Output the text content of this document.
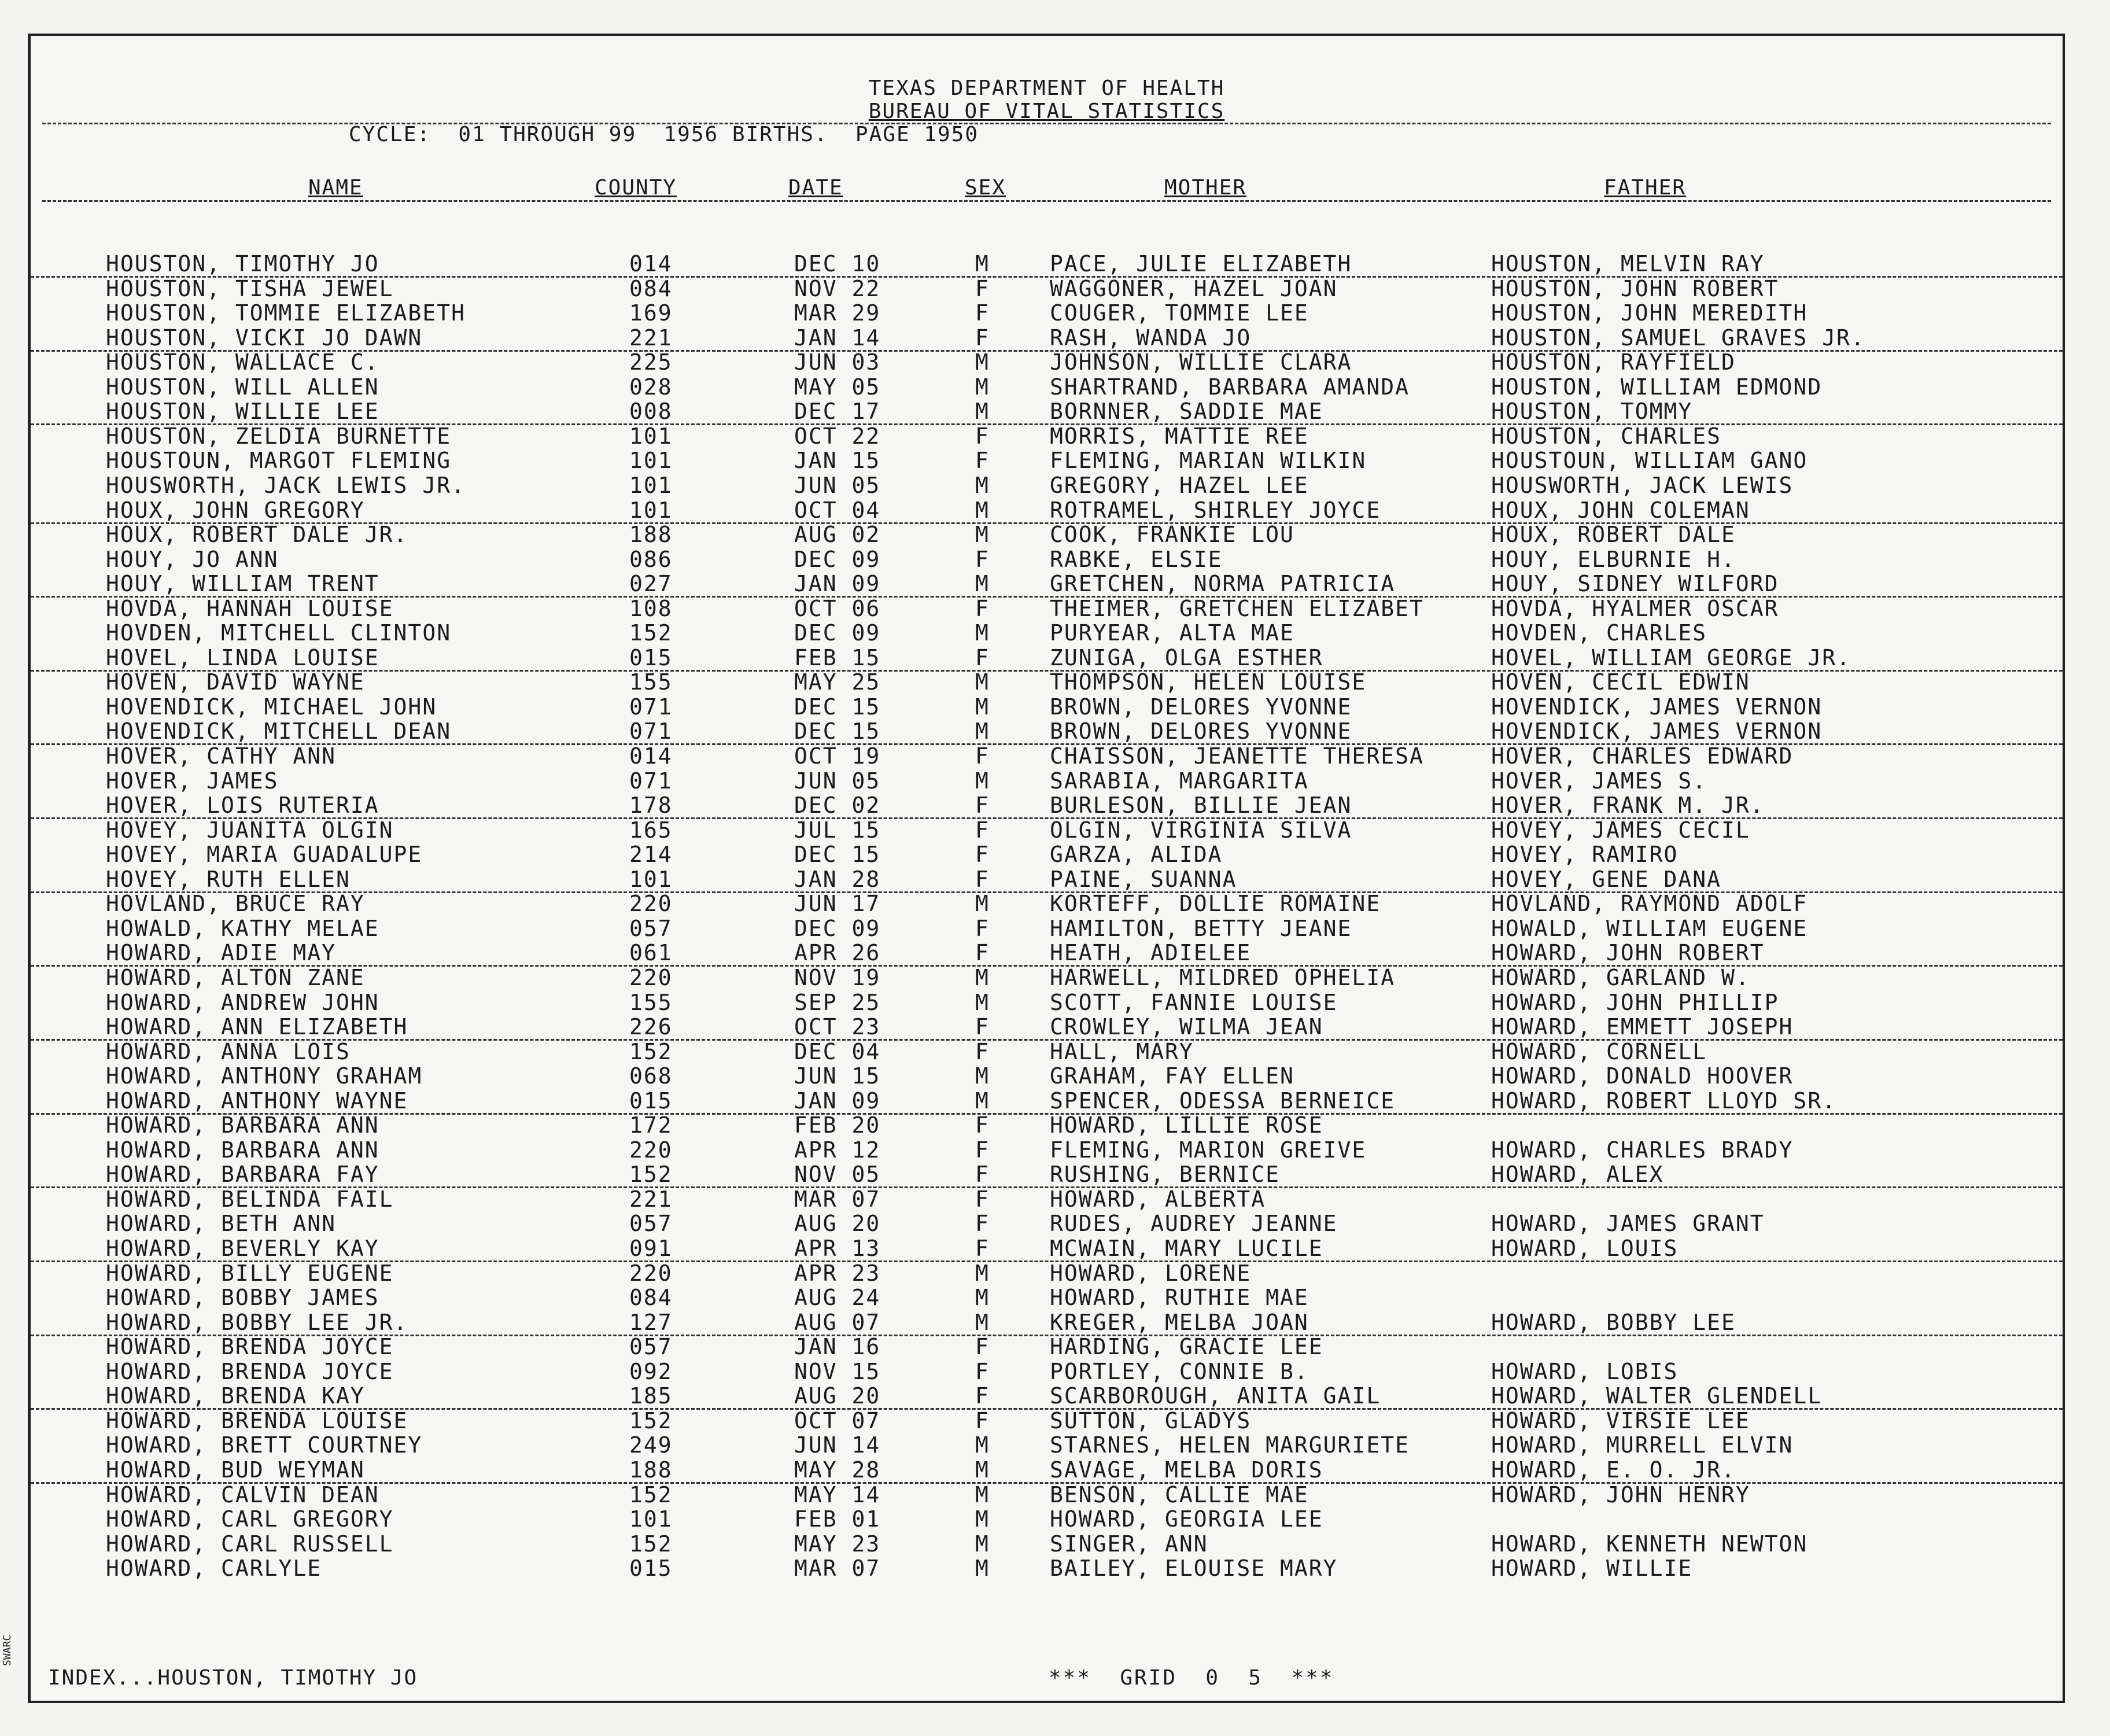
TEXAS DEPARTMENT OF HEALTH
BUREAU OF VITAL STATISTICS
CYCLE:  01 THROUGH 99  1956 BIRTHS.  PAGE 1950
NAME	COUNTY	DATE	SEX	MOTHER	FATHER
HOUSTON, TIMOTHY JO	014	DEC 10	M	PACE, JULIE ELIZABETH	HOUSTON, MELVIN RAY
HOUSTON, TISHA JEWEL	084	NOV 22	F	WAGGONER, HAZEL JOAN	HOUSTON, JOHN ROBERT
HOUSTON, TOMMIE ELIZABETH	169	MAR 29	F	COUGER, TOMMIE LEE	HOUSTON, JOHN MEREDITH
HOUSTON, VICKI JO DAWN	221	JAN 14	F	RASH, WANDA JO	HOUSTON, SAMUEL GRAVES JR.
HOUSTON, WALLACE C.	225	JUN 03	M	JOHNSON, WILLIE CLARA	HOUSTON, RAYFIELD
HOUSTON, WILL ALLEN	028	MAY 05	M	SHARTRAND, BARBARA AMANDA	HOUSTON, WILLIAM EDMOND
HOUSTON, WILLIE LEE	008	DEC 17	M	BORNNER, SADDIE MAE	HOUSTON, TOMMY
HOUSTON, ZELDIA BURNETTE	101	OCT 22	F	MORRIS, MATTIE REE	HOUSTON, CHARLES
HOUSTOUN, MARGOT FLEMING	101	JAN 15	F	FLEMING, MARIAN WILKIN	HOUSTOUN, WILLIAM GANO
HOUSWORTH, JACK LEWIS JR.	101	JUN 05	M	GREGORY, HAZEL LEE	HOUSWORTH, JACK LEWIS
HOUX, JOHN GREGORY	101	OCT 04	M	ROTRAMEL, SHIRLEY JOYCE	HOUX, JOHN COLEMAN
HOUX, ROBERT DALE JR.	188	AUG 02	M	COOK, FRANKIE LOU	HOUX, ROBERT DALE
HOUY, JO ANN	086	DEC 09	F	RABKE, ELSIE	HOUY, ELBURNIE H.
HOUY, WILLIAM TRENT	027	JAN 09	M	GRETCHEN, NORMA PATRICIA	HOUY, SIDNEY WILFORD
HOVDA, HANNAH LOUISE	108	OCT 06	F	THEIMER, GRETCHEN ELIZABET	HOVDA, HYALMER OSCAR
HOVDEN, MITCHELL CLINTON	152	DEC 09	M	PURYEAR, ALTA MAE	HOVDEN, CHARLES
HOVEL, LINDA LOUISE	015	FEB 15	F	ZUNIGA, OLGA ESTHER	HOVEL, WILLIAM GEORGE JR.
HOVEN, DAVID WAYNE	155	MAY 25	M	THOMPSON, HELEN LOUISE	HOVEN, CECIL EDWIN
HOVENDICK, MICHAEL JOHN	071	DEC 15	M	BROWN, DELORES YVONNE	HOVENDICK, JAMES VERNON
HOVENDICK, MITCHELL DEAN	071	DEC 15	M	BROWN, DELORES YVONNE	HOVENDICK, JAMES VERNON
HOVER, CATHY ANN	014	OCT 19	F	CHAISSON, JEANETTE THERESA	HOVER, CHARLES EDWARD
HOVER, JAMES	071	JUN 05	M	SARABIA, MARGARITA	HOVER, JAMES S.
HOVER, LOIS RUTERIA	178	DEC 02	F	BURLESON, BILLIE JEAN	HOVER, FRANK M. JR.
HOVEY, JUANITA OLGIN	165	JUL 15	F	OLGIN, VIRGINIA SILVA	HOVEY, JAMES CECIL
HOVEY, MARIA GUADALUPE	214	DEC 15	F	GARZA, ALIDA	HOVEY, RAMIRO
HOVEY, RUTH ELLEN	101	JAN 28	F	PAINE, SUANNA	HOVEY, GENE DANA
HOVLAND, BRUCE RAY	220	JUN 17	M	KORTEFF, DOLLIE ROMAINE	HOVLAND, RAYMOND ADOLF
HOWALD, KATHY MELAE	057	DEC 09	F	HAMILTON, BETTY JEANE	HOWALD, WILLIAM EUGENE
HOWARD, ADIE MAY	061	APR 26	F	HEATH, ADIELEE	HOWARD, JOHN ROBERT
HOWARD, ALTON ZANE	220	NOV 19	M	HARWELL, MILDRED OPHELIA	HOWARD, GARLAND W.
HOWARD, ANDREW JOHN	155	SEP 25	M	SCOTT, FANNIE LOUISE	HOWARD, JOHN PHILLIP
HOWARD, ANN ELIZABETH	226	OCT 23	F	CROWLEY, WILMA JEAN	HOWARD, EMMETT JOSEPH
HOWARD, ANNA LOIS	152	DEC 04	F	HALL, MARY	HOWARD, CORNELL
HOWARD, ANTHONY GRAHAM	068	JUN 15	M	GRAHAM, FAY ELLEN	HOWARD, DONALD HOOVER
HOWARD, ANTHONY WAYNE	015	JAN 09	M	SPENCER, ODESSA BERNEICE	HOWARD, ROBERT LLOYD SR.
HOWARD, BARBARA ANN	172	FEB 20	F	HOWARD, LILLIE ROSE
HOWARD, BARBARA ANN	220	APR 12	F	FLEMING, MARION GREIVE	HOWARD, CHARLES BRADY
HOWARD, BARBARA FAY	152	NOV 05	F	RUSHING, BERNICE	HOWARD, ALEX
HOWARD, BELINDA FAIL	221	MAR 07	F	HOWARD, ALBERTA
HOWARD, BETH ANN	057	AUG 20	F	RUDES, AUDREY JEANNE	HOWARD, JAMES GRANT
HOWARD, BEVERLY KAY	091	APR 13	F	MCWAIN, MARY LUCILE	HOWARD, LOUIS
HOWARD, BILLY EUGENE	220	APR 23	M	HOWARD, LORENE
HOWARD, BOBBY JAMES	084	AUG 24	M	HOWARD, RUTHIE MAE
HOWARD, BOBBY LEE JR.	127	AUG 07	M	KREGER, MELBA JOAN	HOWARD, BOBBY LEE
HOWARD, BRENDA JOYCE	057	JAN 16	F	HARDING, GRACIE LEE
HOWARD, BRENDA JOYCE	092	NOV 15	F	PORTLEY, CONNIE B.	HOWARD, LOBIS
HOWARD, BRENDA KAY	185	AUG 20	F	SCARBOROUGH, ANITA GAIL	HOWARD, WALTER GLENDELL
HOWARD, BRENDA LOUISE	152	OCT 07	F	SUTTON, GLADYS	HOWARD, VIRSIE LEE
HOWARD, BRETT COURTNEY	249	JUN 14	M	STARNES, HELEN MARGURIETE	HOWARD, MURRELL ELVIN
HOWARD, BUD WEYMAN	188	MAY 28	M	SAVAGE, MELBA DORIS	HOWARD, E. O. JR.
HOWARD, CALVIN DEAN	152	MAY 14	M	BENSON, CALLIE MAE	HOWARD, JOHN HENRY
HOWARD, CARL GREGORY	101	FEB 01	M	HOWARD, GEORGIA LEE
HOWARD, CARL RUSSELL	152	MAY 23	M	SINGER, ANN	HOWARD, KENNETH NEWTON
HOWARD, CARLYLE	015	MAR 07	M	BAILEY, ELOUISE MARY	HOWARD, WILLIE
INDEX...HOUSTON, TIMOTHY JO	***  GRID  0  5  ***
SWARC
